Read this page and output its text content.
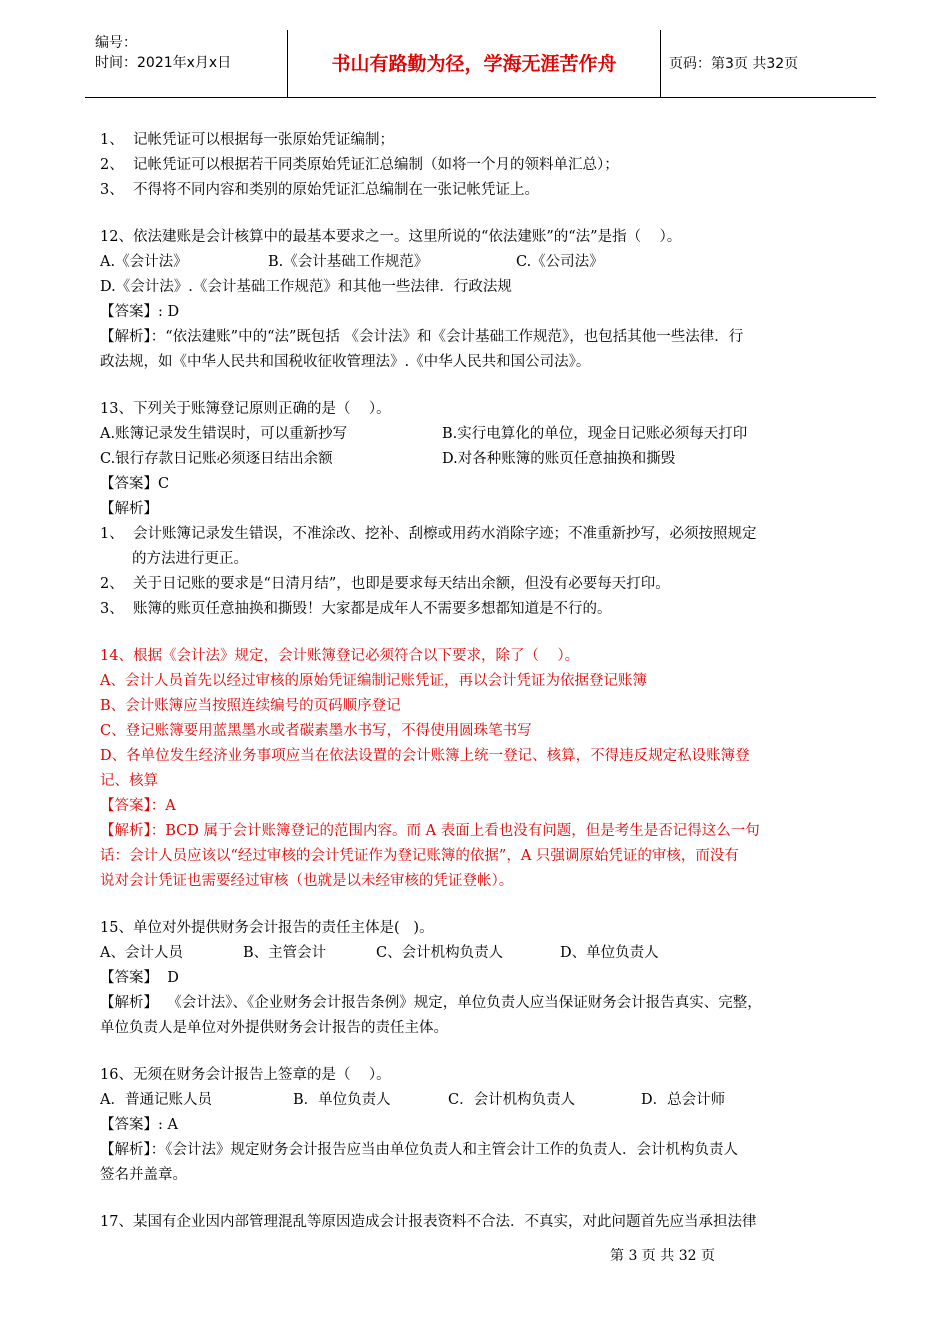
编号：
时间：2021年x月x日	书山有路勤为径，学海无涯苦作舟	页码：第3页 共32页

1、  记帐凭证可以根据每一张原始凭证编制；

2、  记帐凭证可以根据若干同类原始凭证汇总编制（如将一个月的领料单汇总）；

3、  不得将不同内容和类别的原始凭证汇总编制在一张记帐凭证上。

12、依法建账是会计核算中的最基本要求之一。这里所说的“依法建账”的“法”是指（    ）。

A.《会计法》	B.《会计基础工作规范》	C.《公司法》

D.《会计法》.《会计基础工作规范》和其他一些法律．行政法规

【答案】: D

【解析】：“依法建账”中的“法”既包括 《会计法》和《会计基础工作规范》，也包括其他一些法律．行

政法规，如《中华人民共和国税收征收管理法》.《中华人民共和国公司法》。

13、下列关于账簿登记原则正确的是（    ）。

A.账簿记录发生错误时，可以重新抄写	B.实行电算化的单位，现金日记账必须每天打印
C.银行存款日记账必须逐日结出余额	D.对各种账簿的账页任意抽换和撕毁

【答案】C

【解析】

1、  会计账簿记录发生错误，不准涂改、挖补、刮檫或用药水消除字迹；不准重新抄写，必须按照规定

的方法进行更正。

2、  关于日记账的要求是“日清月结”，也即是要求每天结出余额，但没有必要每天打印。

3、  账簿的账页任意抽换和撕毁！大家都是成年人不需要多想都知道是不行的。

14、根据《会计法》规定，会计账簿登记必须符合以下要求，除了（    ）。

A、会计人员首先以经过审核的原始凭证编制记账凭证，再以会计凭证为依据登记账簿

B、会计账簿应当按照连续编号的页码顺序登记

C、登记账簿要用蓝黑墨水或者碳素墨水书写，不得使用圆珠笔书写

D、各单位发生经济业务事项应当在依法设置的会计账簿上统一登记、核算，不得违反规定私设账簿登

记、核算

【答案】：A

【解析】：BCD 属于会计账簿登记的范围内容。而 A 表面上看也没有问题，但是考生是否记得这么一句

话：会计人员应该以“经过审核的会计凭证作为登记账簿的依据”，A 只强调原始凭证的审核，而没有

说对会计凭证也需要经过审核（也就是以未经审核的凭证登帐）。

15、单位对外提供财务会计报告的责任主体是(   )。

A、会计人员	B、主管会计	C、会计机构负责人	D、单位负责人

【答案】  D

【解析】  《会计法》、《企业财务会计报告条例》规定，单位负责人应当保证财务会计报告真实、完整，

单位负责人是单位对外提供财务会计报告的责任主体。

16、无须在财务会计报告上签章的是（    ）。

A．普通记账人员	B．单位负责人	C．会计机构负责人	D．总会计师

【答案】: A

【解析】：《会计法》规定财务会计报告应当由单位负责人和主管会计工作的负责人．会计机构负责人

签名并盖章。

17、某国有企业因内部管理混乱等原因造成会计报表资料不合法．不真实，对此问题首先应当承担法律

第 3 页 共 32 页
